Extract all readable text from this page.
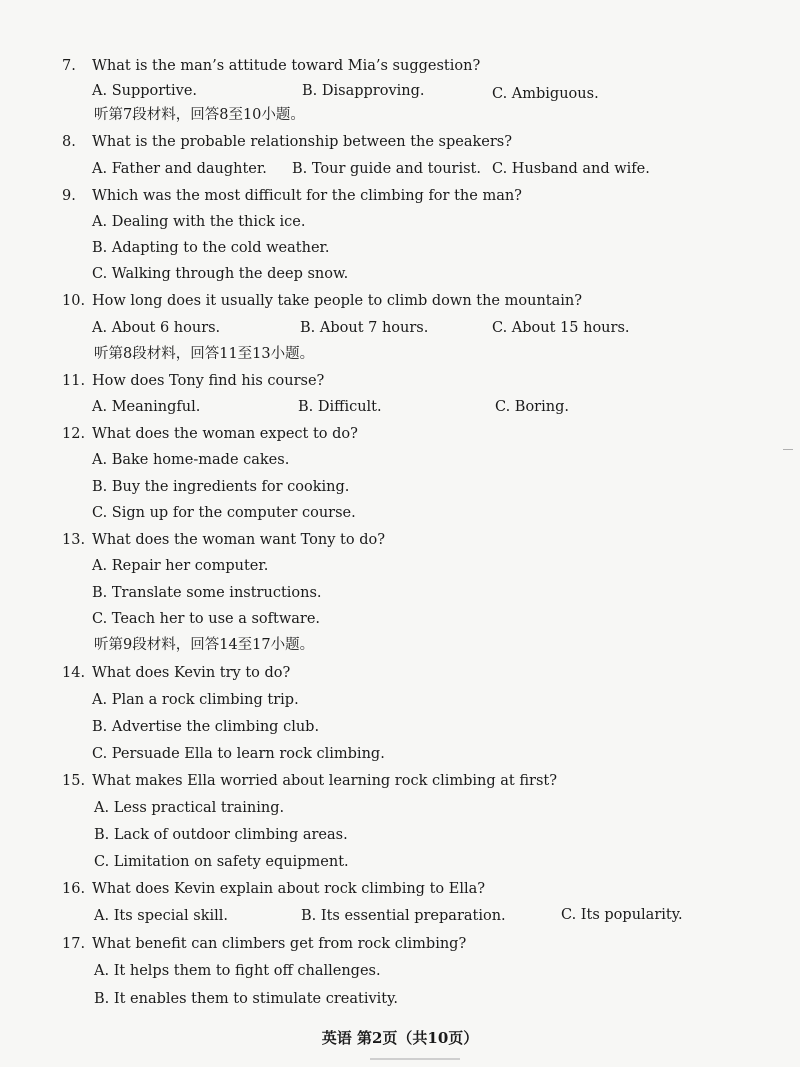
7. What is the man’s attitude toward Mia’s suggestion?
A. Supportive.	B. Disapproving.	C. Ambiguous.
听第7段材料，回答8至10小题。
8. What is the probable relationship between the speakers?
A. Father and daughter. B. Tour guide and tourist. C. Husband and wife.
9. Which was the most difficult for the climbing for the man?
A. Dealing with the thick ice.
B. Adapting to the cold weather.
C. Walking through the deep snow.
10. How long does it usually take people to climb down the mountain?
A. About 6 hours.	B. About 7 hours.	C. About 15 hours.
听第8段材料，回答11至13小题。
11. How does Tony find his course?
A. Meaningful.	B. Difficult.	C. Boring.
12. What does the woman expect to do?
A. Bake home-made cakes.
B. Buy the ingredients for cooking.
C. Sign up for the computer course.
13. What does the woman want Tony to do?
A. Repair her computer.
B. Translate some instructions.
C. Teach her to use a software.
听第9段材料，回答14至17小题。
14. What does Kevin try to do?
A. Plan a rock climbing trip.
B. Advertise the climbing club.
C. Persuade Ella to learn rock climbing.
15. What makes Ella worried about learning rock climbing at first?
A. Less practical training.
B. Lack of outdoor climbing areas.
C. Limitation on safety equipment.
16. What does Kevin explain about rock climbing to Ella?
A. Its special skill.	B. Its essential preparation.	C. Its popularity.
17. What benefit can climbers get from rock climbing?
A. It helps them to fight off challenges.
B. It enables them to stimulate creativity.
英语 第2页（共10页）
